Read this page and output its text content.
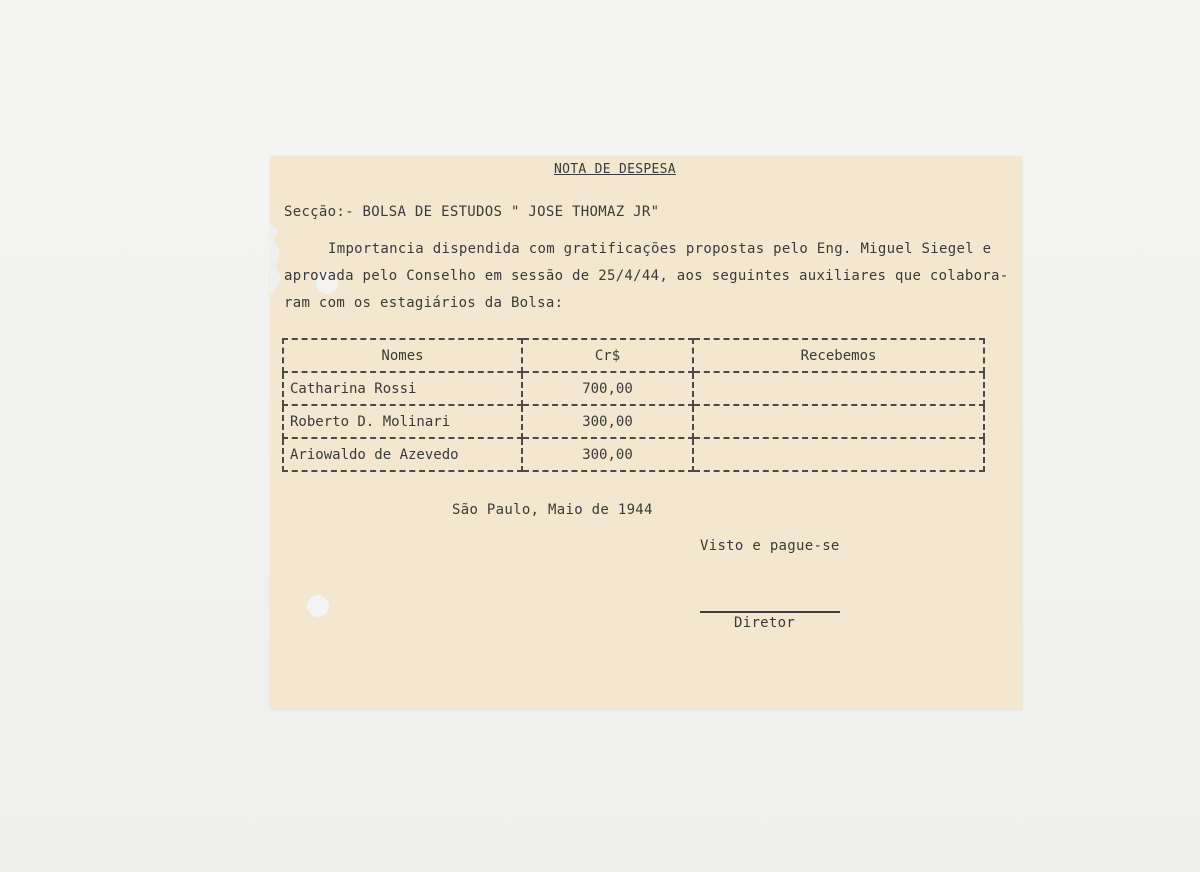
NOTA DE DESPESA
Secção:- BOLSA DE ESTUDOS " JOSE THOMAZ JR"
Importancia dispendida com gratificações propostas pelo Eng. Miguel Siegel e
aprovada pelo Conselho em sessão de 25/4/44, aos seguintes auxiliares que colabora-
ram com os estagiários da Bolsa:
Nomes	Cr$	Recebemos
Catharina Rossi	700,00	
Roberto D. Molinari	300,00	
Ariowaldo de Azevedo	300,00	
São Paulo, Maio de 1944
Visto e pague-se
Diretor
